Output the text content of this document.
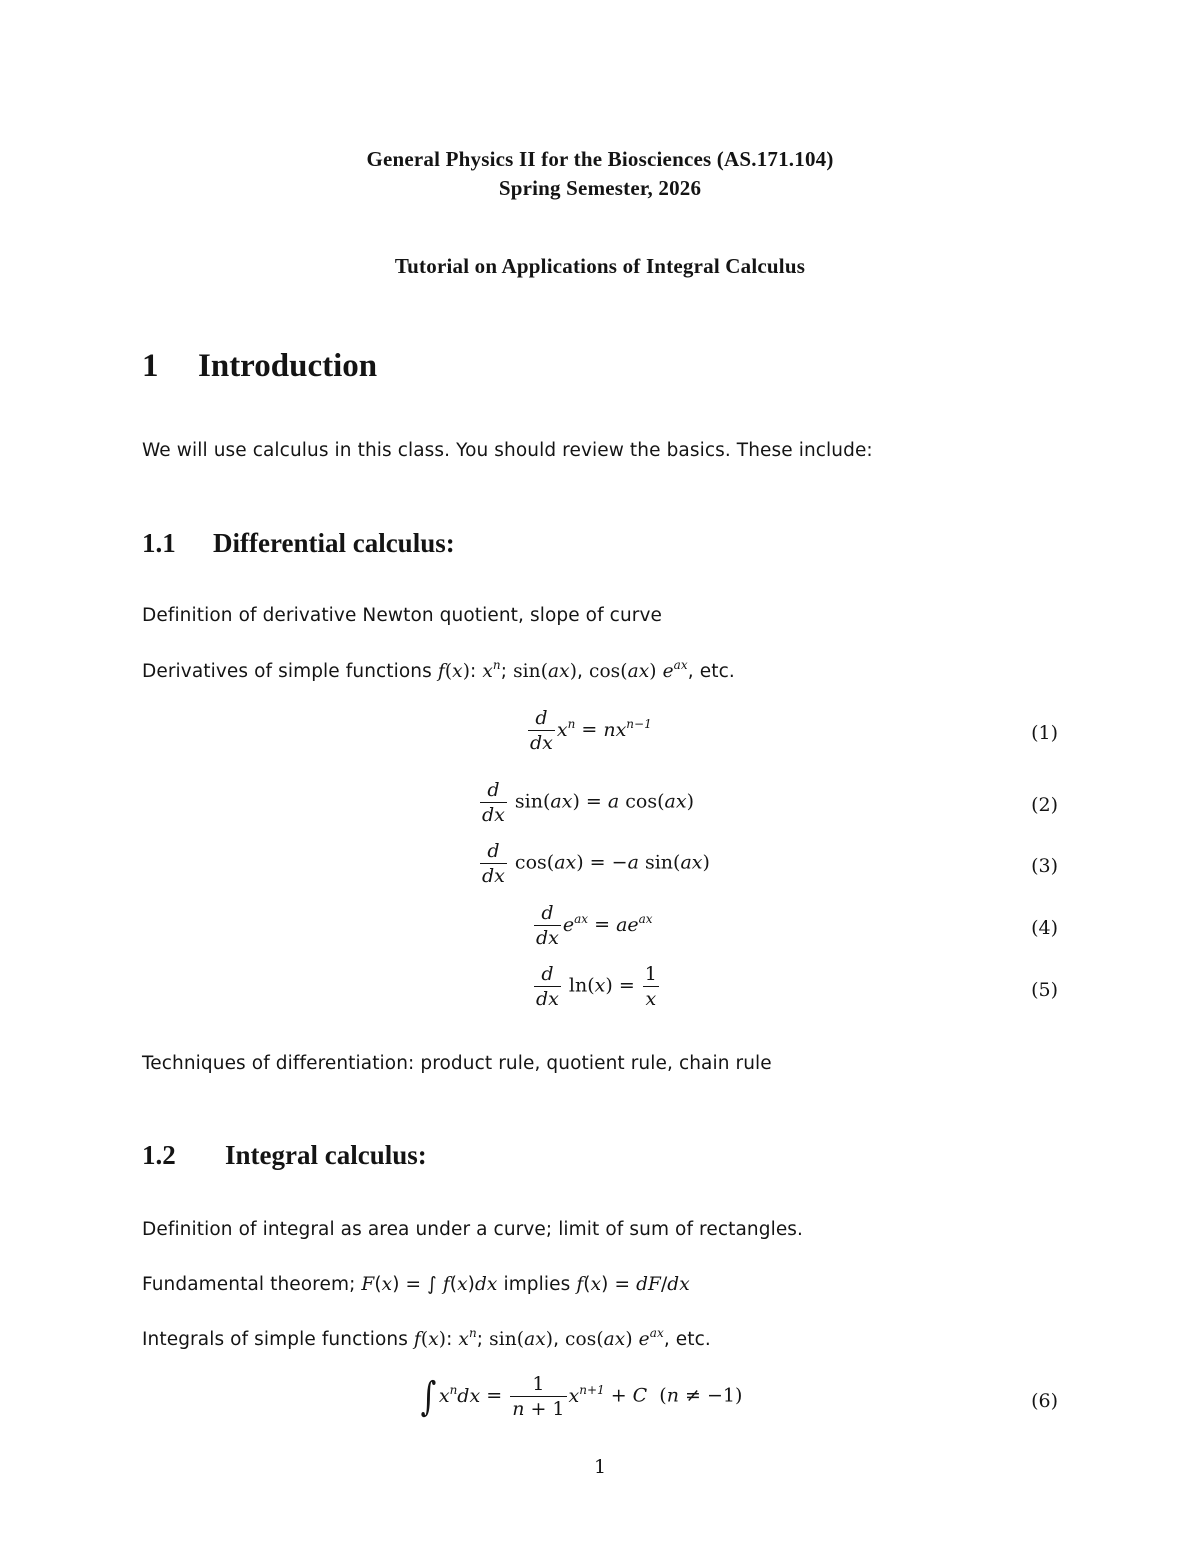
General Physics II for the Biosciences (AS.171.104)
Spring Semester, 2026
Tutorial on Applications of Integral Calculus
1 Introduction
We will use calculus in this class. You should review the basics. These include:
1.1 Differential calculus:
Definition of derivative Newton quotient, slope of curve
Derivatives of simple functions f(x): $x^n$; sin(ax), cos(ax) $e^{ax}$, etc.
$\frac{d}{dx} x^n = nx^{n-1}$	(1)
$\frac{d}{dx} \sin(ax) = a$ cos(ax)	(2)
$\frac{d}{dx} \cos(ax) = -a$ sin(ax)	(3)
$\frac{d}{dx} e^{ax} = ae^{ax}$	(4)
$\frac{d}{dx} \ln(x) = \frac{1}{x}$	(5)
Techniques of differentiation: product rule, quotient rule, chain rule
1.2 Integral calculus:
Definition of integral as area under a curve; limit of sum of rectangles.
Fundamental theorem; F(x) = ∫ f(x)dx implies f(x) = dF/dx
Integrals of simple functions f(x): $x^n$; sin(ax), cos(ax) $e^{ax}$, etc.
∫ $x^ndx = \frac{1}{n + 1} x^{n+1} + C$  (n ≠ −1)	(6)
1
